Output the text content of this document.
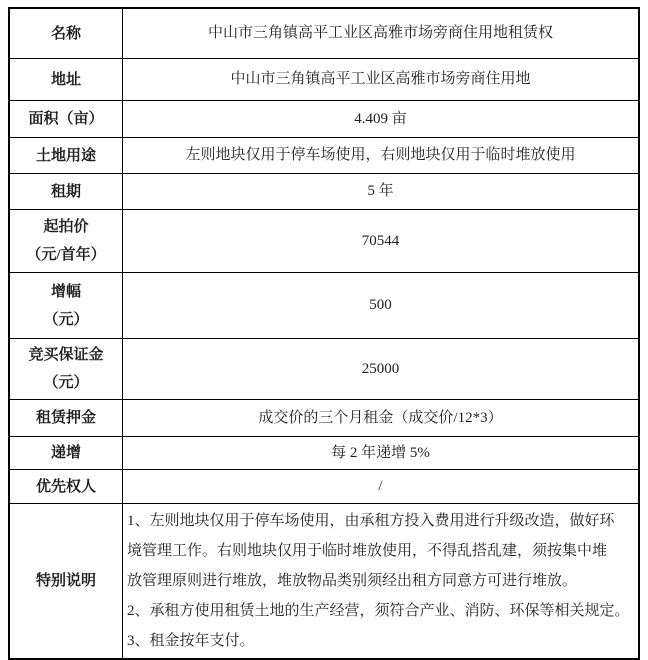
名称	中山市三角镇高平工业区高雅市场旁商住用地租赁权

地址	中山市三角镇高平工业区高雅市场旁商住用地

面积（亩）	4.409 亩

土地用途	左则地块仅用于停车场使用，右则地块仅用于临时堆放使用

租期	5 年

起拍价
（元/首年）	70544

增幅
（元）	500

竞买保证金
（元）	25000

租赁押金	成交价的三个月租金（成交价/12*3）

递增	每 2 年递增 5%

优先权人	/

特别说明	1、左则地块仅用于停车场使用，由承租方投入费用进行升级改造，做好环
境管理工作。右则地块仅用于临时堆放使用，不得乱搭乱建，须按集中堆
放管理原则进行堆放，堆放物品类别须经出租方同意方可进行堆放。
2、承租方使用租赁土地的生产经营，须符合产业、消防、环保等相关规定。
3、租金按年支付。
